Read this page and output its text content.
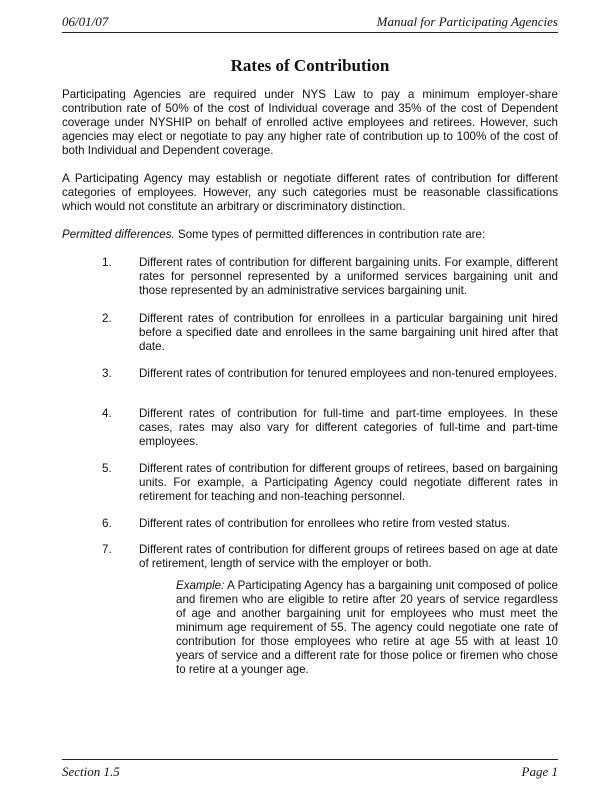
06/01/07	Manual for Participating Agencies
Rates of Contribution

Participating Agencies are required under NYS Law to pay a minimum employer-share contribution rate of 50% of the cost of Individual coverage and 35% of the cost of Dependent coverage under NYSHIP on behalf of enrolled active employees and retirees. However, such agencies may elect or negotiate to pay any higher rate of contribution up to 100% of the cost of both Individual and Dependent coverage.

A Participating Agency may establish or negotiate different rates of contribution for different categories of employees. However, any such categories must be reasonable classifications which would not constitute an arbitrary or discriminatory distinction.

Permitted differences. Some types of permitted differences in contribution rate are:

1. Different rates of contribution for different bargaining units. For example, different rates for personnel represented by a uniformed services bargaining unit and those represented by an administrative services bargaining unit.

2. Different rates of contribution for enrollees in a particular bargaining unit hired before a specified date and enrollees in the same bargaining unit hired after that date.

3. Different rates of contribution for tenured employees and non-tenured employees.

4. Different rates of contribution for full-time and part-time employees. In these cases, rates may also vary for different categories of full-time and part-time employees.

5. Different rates of contribution for different groups of retirees, based on bargaining units. For example, a Participating Agency could negotiate different rates in retirement for teaching and non-teaching personnel.

6. Different rates of contribution for enrollees who retire from vested status.

7. Different rates of contribution for different groups of retirees based on age at date of retirement, length of service with the employer or both.

Example: A Participating Agency has a bargaining unit composed of police and firemen who are eligible to retire after 20 years of service regardless of age and another bargaining unit for employees who must meet the minimum age requirement of 55. The agency could negotiate one rate of contribution for those employees who retire at age 55 with at least 10 years of service and a different rate for those police or firemen who chose to retire at a younger age.

Section 1.5	Page 1
